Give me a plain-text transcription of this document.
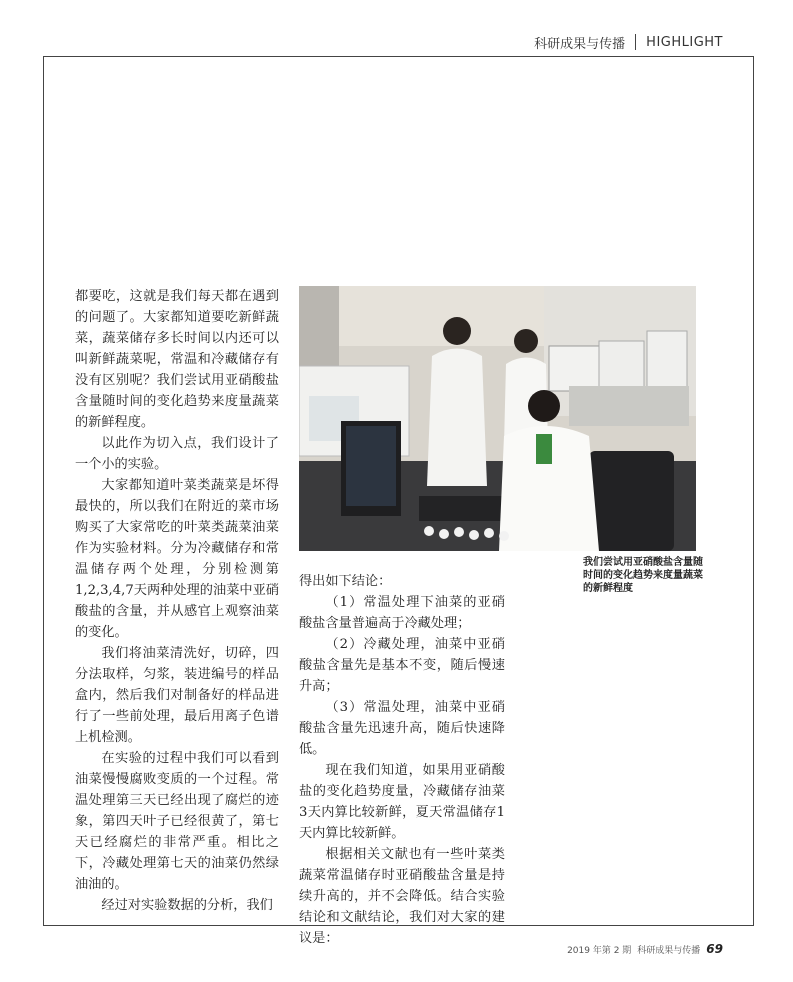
科研成果与传播 HIGHLIGHT

都要吃，这就是我们每天都在遇到的问题了。大家都知道要吃新鲜蔬菜，蔬菜储存多长时间以内还可以叫新鲜蔬菜呢，常温和冷藏储存有没有区别呢？我们尝试用亚硝酸盐含量随时间的变化趋势来度量蔬菜的新鲜程度。

以此作为切入点，我们设计了一个小的实验。

大家都知道叶菜类蔬菜是坏得最快的，所以我们在附近的菜市场购买了大家常吃的叶菜类蔬菜油菜作为实验材料。分为冷藏储存和常温储存两个处理，分别检测第1,2,3,4,7天两种处理的油菜中亚硝酸盐的含量，并从感官上观察油菜的变化。

我们将油菜清洗好，切碎，四分法取样，匀浆，装进编号的样品盒内，然后我们对制备好的样品进行了一些前处理，最后用离子色谱上机检测。

在实验的过程中我们可以看到油菜慢慢腐败变质的一个过程。常温处理第三天已经出现了腐烂的迹象，第四天叶子已经很黄了，第七天已经腐烂的非常严重。相比之下，冷藏处理第七天的油菜仍然绿油油的。

经过对实验数据的分析，我们

我们尝试用亚硝酸盐含量随时间的变化趋势来度量蔬菜的新鲜程度

得出如下结论：

（1）常温处理下油菜的亚硝酸盐含量普遍高于冷藏处理；

（2）冷藏处理，油菜中亚硝酸盐含量先是基本不变，随后慢速升高；

（3）常温处理，油菜中亚硝酸盐含量先迅速升高，随后快速降低。

现在我们知道，如果用亚硝酸盐的变化趋势度量，冷藏储存油菜3天内算比较新鲜，夏天常温储存1天内算比较新鲜。

根据相关文献也有一些叶菜类蔬菜常温储存时亚硝酸盐含量是持续升高的，并不会降低。结合实验结论和文献结论，我们对大家的建议是：

2019 年第 2 期 科研成果与传播 69
